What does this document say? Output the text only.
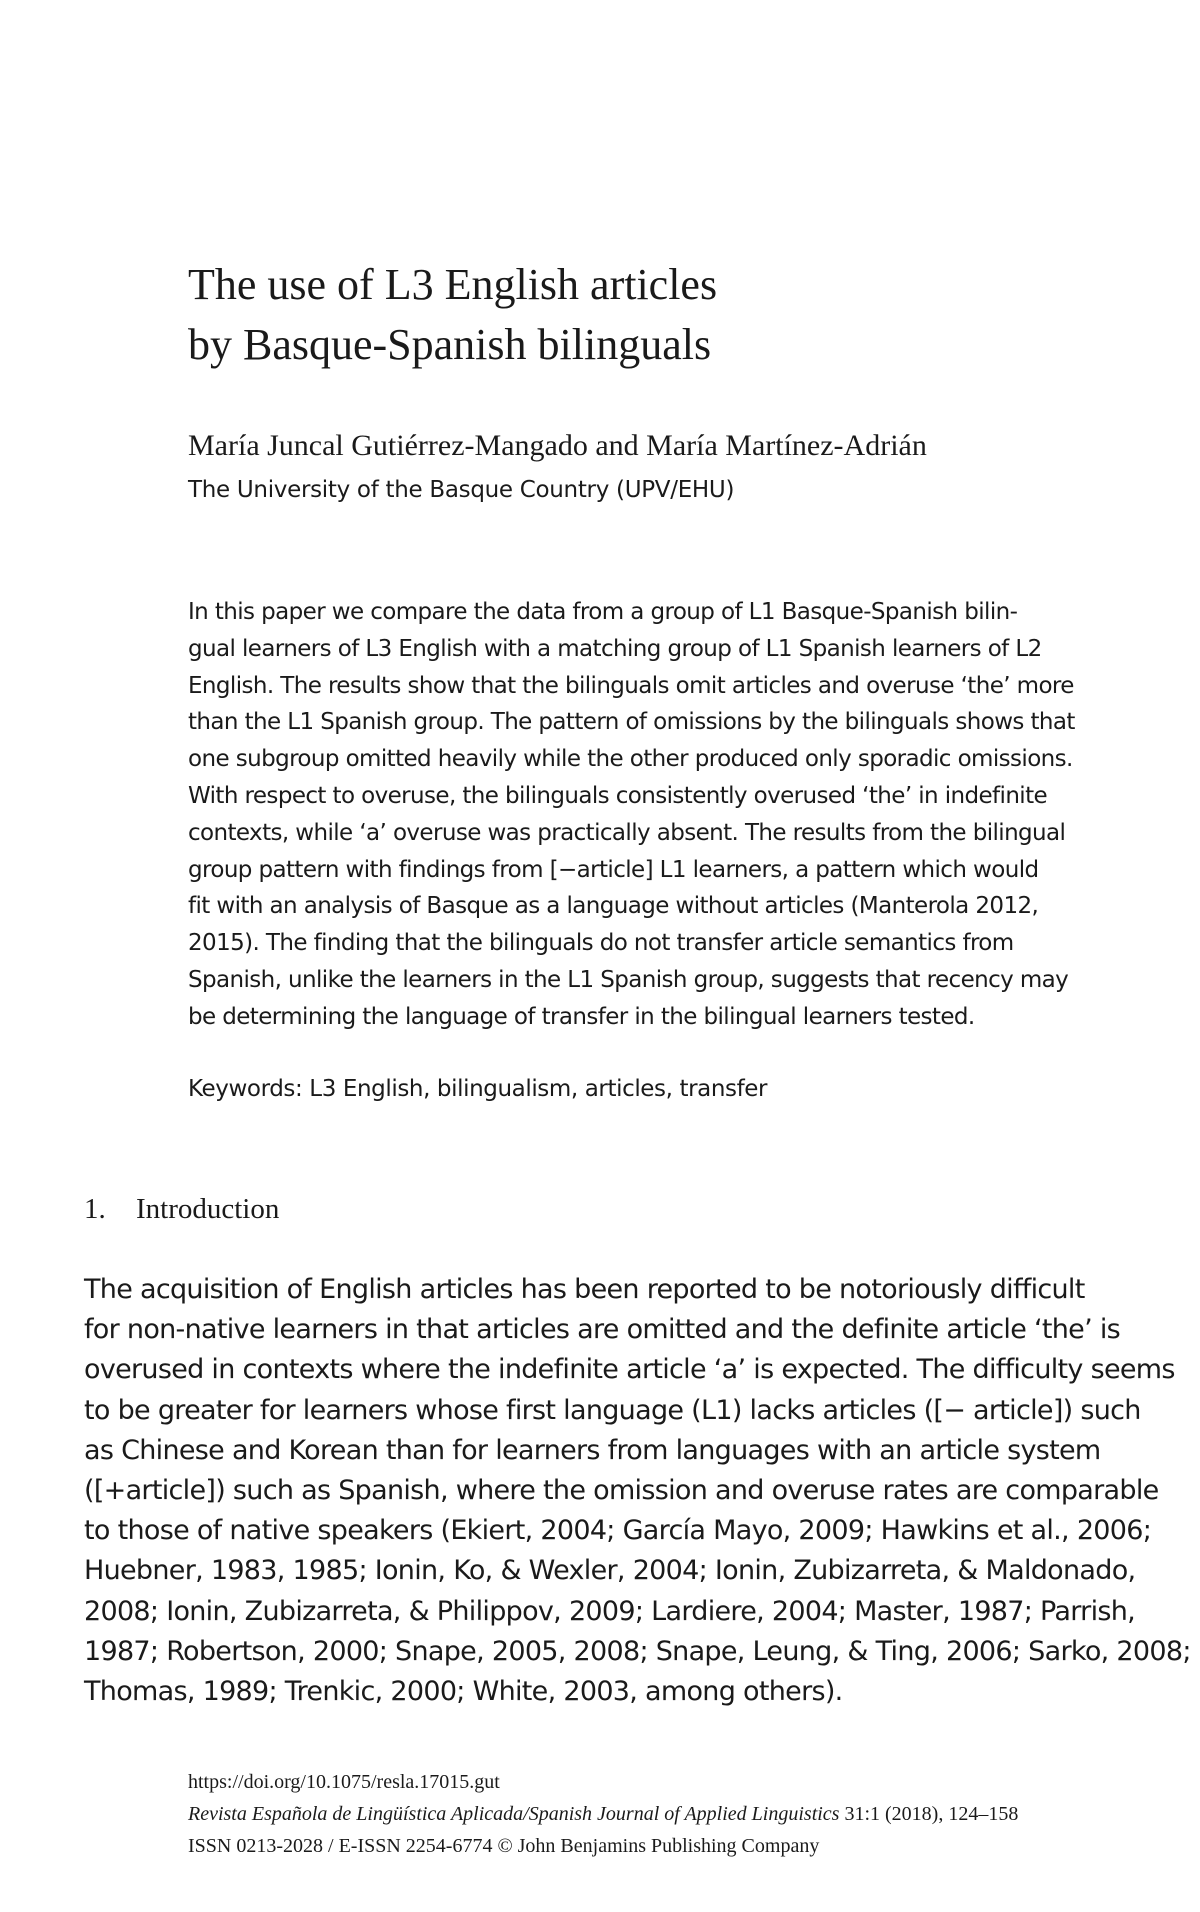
The use of L3 English articles
by Basque-Spanish bilinguals
María Juncal Gutiérrez-Mangado and María Martínez-Adrián
The University of the Basque Country (UPV/EHU)
In this paper we compare the data from a group of L1 Basque-Spanish bilin-
gual learners of L3 English with a matching group of L1 Spanish learners of L2
English. The results show that the bilinguals omit articles and overuse ‘the’ more
than the L1 Spanish group. The pattern of omissions by the bilinguals shows that
one subgroup omitted heavily while the other produced only sporadic omissions.
With respect to overuse, the bilinguals consistently overused ‘the’ in indefinite
contexts, while ‘a’ overuse was practically absent. The results from the bilingual
group pattern with findings from [−article] L1 learners, a pattern which would
fit with an analysis of Basque as a language without articles (Manterola 2012,
2015). The finding that the bilinguals do not transfer article semantics from
Spanish, unlike the learners in the L1 Spanish group, suggests that recency may
be determining the language of transfer in the bilingual learners tested.
Keywords: L3 English, bilingualism, articles, transfer
1. Introduction
The acquisition of English articles has been reported to be notoriously difficult
for non-native learners in that articles are omitted and the definite article ‘the’ is
overused in contexts where the indefinite article ‘a’ is expected. The difficulty seems
to be greater for learners whose first language (L1) lacks articles ([− article]) such
as Chinese and Korean than for learners from languages with an article system
([+article]) such as Spanish, where the omission and overuse rates are comparable
to those of native speakers (Ekiert, 2004; García Mayo, 2009; Hawkins et al., 2006;
Huebner, 1983, 1985; Ionin, Ko, & Wexler, 2004; Ionin, Zubizarreta, & Maldonado,
2008; Ionin, Zubizarreta, & Philippov, 2009; Lardiere, 2004; Master, 1987; Parrish,
1987; Robertson, 2000; Snape, 2005, 2008; Snape, Leung, & Ting, 2006; Sarko, 2008;
Thomas, 1989; Trenkic, 2000; White, 2003, among others).
https://doi.org/10.1075/resla.17015.gut
Revista Española de Lingüística Aplicada/Spanish Journal of Applied Linguistics 31:1 (2018), 124–158
ISSN 0213-2028 / E-ISSN 2254-6774 © John Benjamins Publishing Company
